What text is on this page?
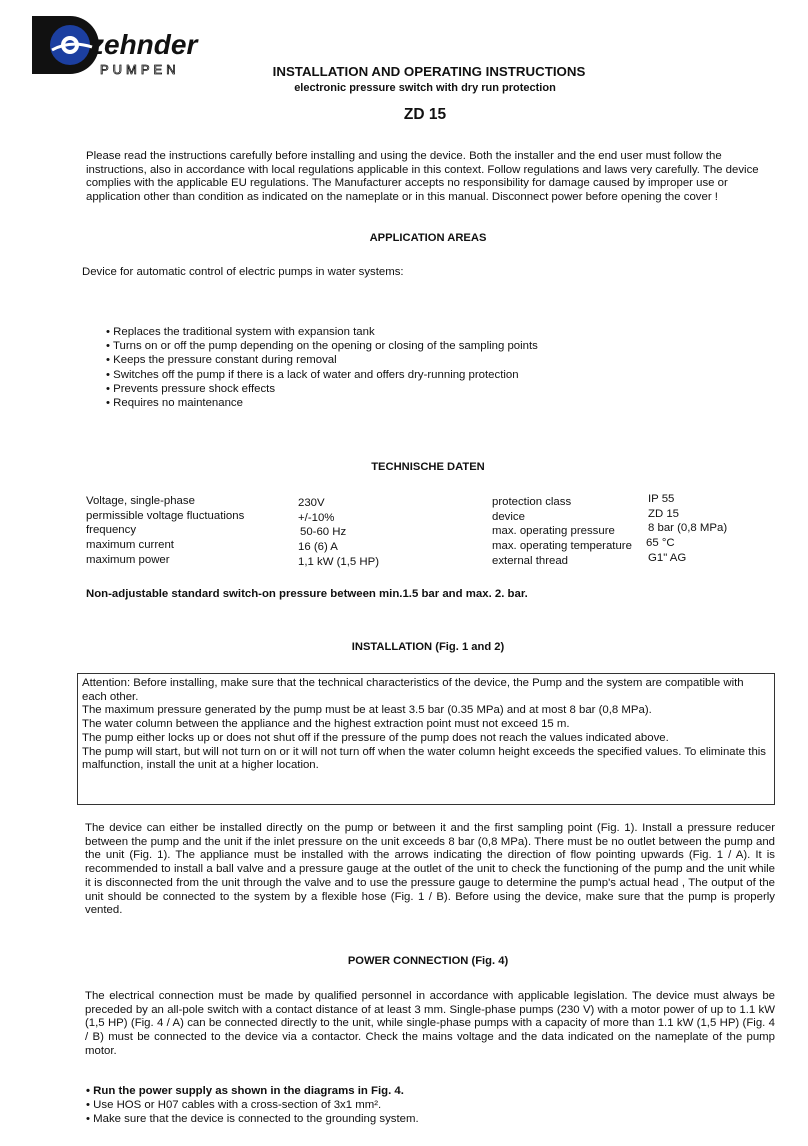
zehnder
PUMPEN	INSTALLATION AND OPERATING INSTRUCTIONS
electronic pressure switch with dry run protection
ZD 15
Please read the instructions carefully before installing and using the device. Both the installer and the end user must follow the instructions, also in accordance with local regulations applicable in this context. Follow regulations and laws very carefully. The device complies with the applicable EU regulations. The Manufacturer accepts no responsibility for damage caused by improper use or application other than condition as indicated on the nameplate or in this manual. Disconnect power before opening the cover !
APPLICATION AREAS
Device for automatic control of electric pumps in water systems:
• Replaces the traditional system with expansion tank
• Turns on or off the pump depending on the opening or closing of the sampling points
• Keeps the pressure constant during removal
• Switches off the pump if there is a lack of water and offers dry-running protection
• Prevents pressure shock effects
• Requires no maintenance
TECHNISCHE DATEN
Voltage, single-phase
permissible voltage fluctuations
frequency
maximum current
maximum power
230V
+/-10%
50-60 Hz
16 (6) A
1,1 kW (1,5 HP)
protection class
device
max. operating pressure
max. operating temperature
external thread
IP 55
ZD 15
8 bar (0,8 MPa)
65 °C
G1" AG
Non-adjustable standard switch-on pressure between min.1.5 bar and max. 2. bar.
INSTALLATION (Fig. 1 and 2)
Attention: Before installing, make sure that the technical characteristics of the device, the Pump and the system are compatible with each other.
The maximum pressure generated by the pump must be at least 3.5 bar (0.35 MPa) and at most 8 bar (0,8 MPa).
The water column between the appliance and the highest extraction point must not exceed 15 m.
The pump either locks up or does not shut off if the pressure of the pump does not reach the values indicated above.
The pump will start, but will not turn on or it will not turn off when the water column height exceeds the specified values. To eliminate this malfunction, install the unit at a higher location.
The device can either be installed directly on the pump or between it and the first sampling point (Fig. 1). Install a pressure reducer between the pump and the unit if the inlet pressure on the unit exceeds 8 bar (0,8 MPa). There must be no outlet between the pump and the unit (Fig. 1). The appliance must be installed with the arrows indicating the direction of flow pointing upwards (Fig. 1 / A). It is recommended to install a ball valve and a pressure gauge at the outlet of the unit to check the functioning of the pump and the unit while it is disconnected from the unit through the valve and to use the pressure gauge to determine the pump's actual head , The output of the unit should be connected to the system by a flexible hose (Fig. 1 / B). Before using the device, make sure that the pump is properly vented.
POWER CONNECTION (Fig. 4)
The electrical connection must be made by qualified personnel in accordance with applicable legislation. The device must always be preceded by an all-pole switch with a contact distance of at least 3 mm. Single-phase pumps (230 V) with a motor power of up to 1.1 kW (1,5 HP) (Fig. 4 / A) can be connected directly to the unit, while single-phase pumps with a capacity of more than 1.1 kW (1,5 HP) (Fig. 4 / B) must be connected to the device via a contactor. Check the mains voltage and the data indicated on the nameplate of the pump motor.
• Run the power supply as shown in the diagrams in Fig. 4.
• Use HOS or H07 cables with a cross-section of 3x1 mm².
• Make sure that the device is connected to the grounding system.
